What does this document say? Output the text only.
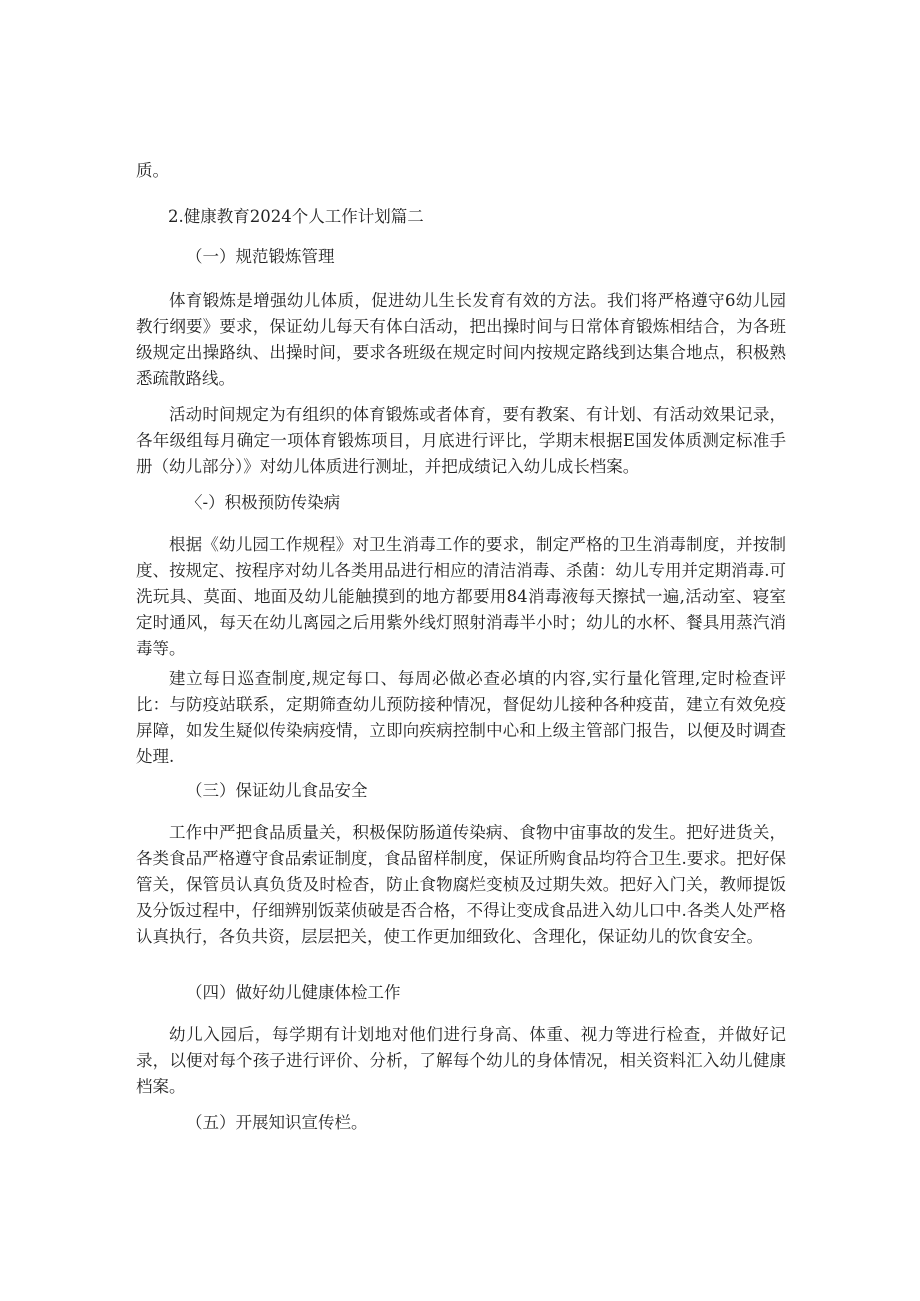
质。
2.健康教育2024个人工作计划篇二
（一）规范锻炼管理
体育锻炼是增强幼儿体质，促进幼儿生长发育有效的方法。我们将严格遵守6幼儿园教行纲要》要求，保证幼儿每天有体白活动，把出操时间与日常体育锻炼相结合，为各班级规定出操路纨、出操时间，要求各班级在规定时间内按规定路线到达集合地点，积极熟悉疏散路线。
活动时间规定为有组织的体育锻炼或者体育，要有教案、有计划、有活动效果记录，各年级组每月确定一项体育锻炼项目，月底进行评比，学期末根据E国发体质测定标准手册（幼儿部分）》对幼儿体质进行测址，并把成绩记入幼儿成长档案。
〈-）积极预防传染病
根据《幼儿园工作规程》对卫生消毒工作的要求，制定严格的卫生消毒制度，并按制度、按规定、按程序对幼儿各类用品进行相应的清洁消毒、杀菌：幼儿专用并定期消毒.可洗玩具、莫面、地面及幼儿能触摸到的地方都要用84消毒液每天擦拭一遍,活动室、寝室定时通风，每天在幼儿离园之后用紫外线灯照射消毒半小时；幼儿的水杯、餐具用蒸汽消毒等。
建立每日巡查制度,规定每口、每周必做必查必填的内容,实行量化管理,定时检查评比：与防疫站联系，定期筛查幼儿预防接种情况，督促幼儿接种各种疫苗，建立有效免疫屏障，如发生疑似传染病疫情，立即向疾病控制中心和上级主管部门报告，以便及时调查处理.
（三）保证幼儿食品安全
工作中严把食品质量关，积极保防肠道传染病、食物中宙事故的发生。把好进货关，各类食品严格遵守食品索证制度，食品留样制度，保证所购食品均符合卫生.要求。把好保管关，保管员认真负货及时检杳，防止食物腐烂变桢及过期失效。把好入门关，教师提饭及分饭过程中，仔细辨别饭菜侦破是否合格，不得让变成食品进入幼儿口中.各类人处严格认真执行，各负共资，层层把关，使工作更加细致化、含理化，保证幼儿的饮食安全。
（四）做好幼儿健康体检工作
幼儿入园后，每学期有计划地对他们进行身高、体重、视力等进行检查，并做好记录，以便对每个孩子进行评价、分析，了解每个幼儿的身体情况，相关资料汇入幼儿健康档案。
（五）开展知识宣传栏。
